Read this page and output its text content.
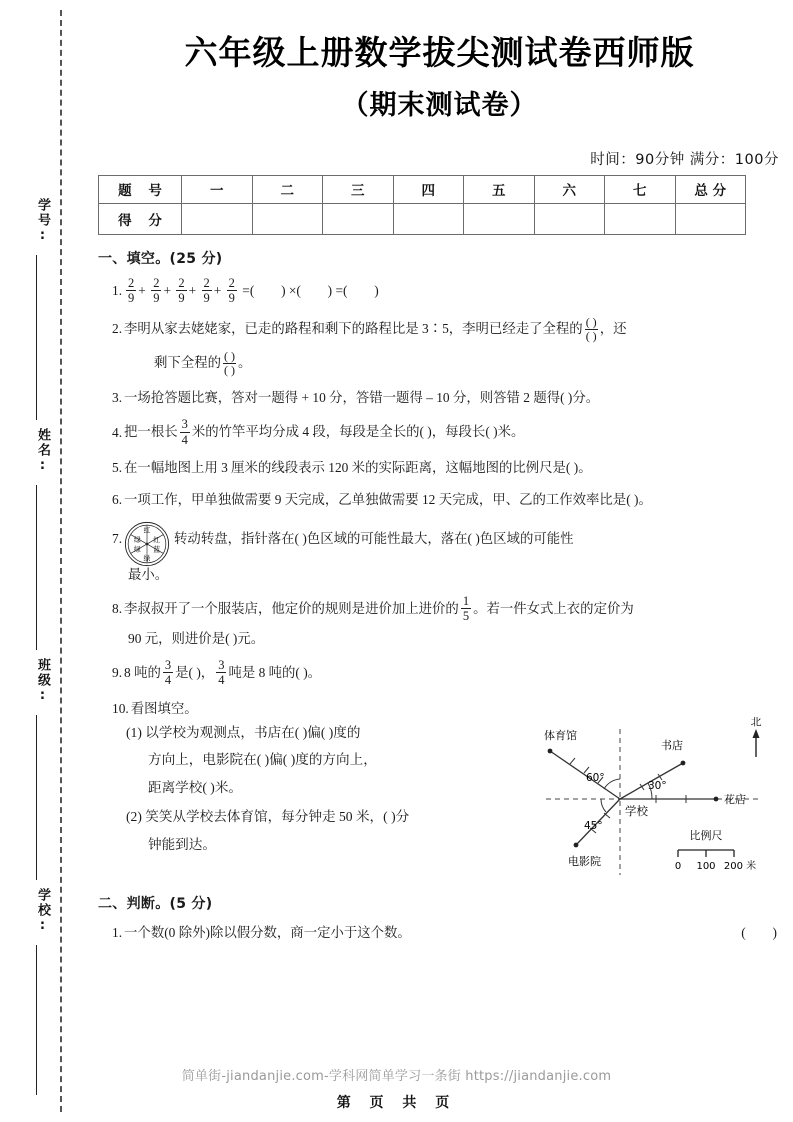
学号:
姓名:
班级:
学校:
六年级上册数学拔尖测试卷西师版
（期末测试卷）
时间：90分钟 满分：100分
题 号	一	二	三	四	五	六	七	总 分
得 分								
一、填空。(25 分)
1. $\frac{2}{9} + \frac{2}{9} + \frac{2}{9} + \frac{2}{9} + \frac{2}{9}$ =(        ) ×(        ) =(        )
2. 李明从家去姥姥家，已走的路程和剩下的路程比是 3∶5，李明已经走了全程的 $\frac{( )}{( )}$ ，还
剩下全程的 $\frac{( )}{( )}$ 。
3. 一场抢答题比赛，答对一题得 + 10 分，答错一题得 – 10 分，则答错 2 题得( )分。
4. 把一根长 $\frac{3}{4}$ 米的竹竿平均分成 4 段，每段是全长的( )，每段长( )米。
5. 在一幅地图上用 3 厘米的线段表示 120 米的实际距离，这幅地图的比例尺是( )。
6. 一项工作，甲单独做需要 9 天完成，乙单独做需要 12 天完成，甲、乙的工作效率比是( )。
7.
红
红
蓝
绿
绿
绿 转动转盘，指针落在( )色区域的可能性最大，落在( )色区域的可能性
最小。
8. 李叔叔开了一个服装店，他定价的规则是进价加上进价的 $\frac{1}{5}$ 。若一件女式上衣的定价为
90 元，则进价是( )元。
9. 8 吨的 $\frac{3}{4}$ 是( )， $\frac{3}{4}$ 吨是 8 吨的( )。
10. 看图填空。
(1) 以学校为观测点，书店在( )偏( )度的
方向上，电影院在( )偏( )度的方向上，
距离学校( )米。
(2) 笑笑从学校去体育馆，每分钟走 50 米，( )分
钟能到达。
北
体育馆
60°
书店
30°
花店
电影院
45°
学校
比例尺
0 100 200 米
二、判断。(5 分)
1. 一个数(0 除外)除以假分数，商一定小于这个数。	(        )
简单街-jiandanjie.com-学科网简单学习一条街 https://jiandanjie.com
第 页 共 页
